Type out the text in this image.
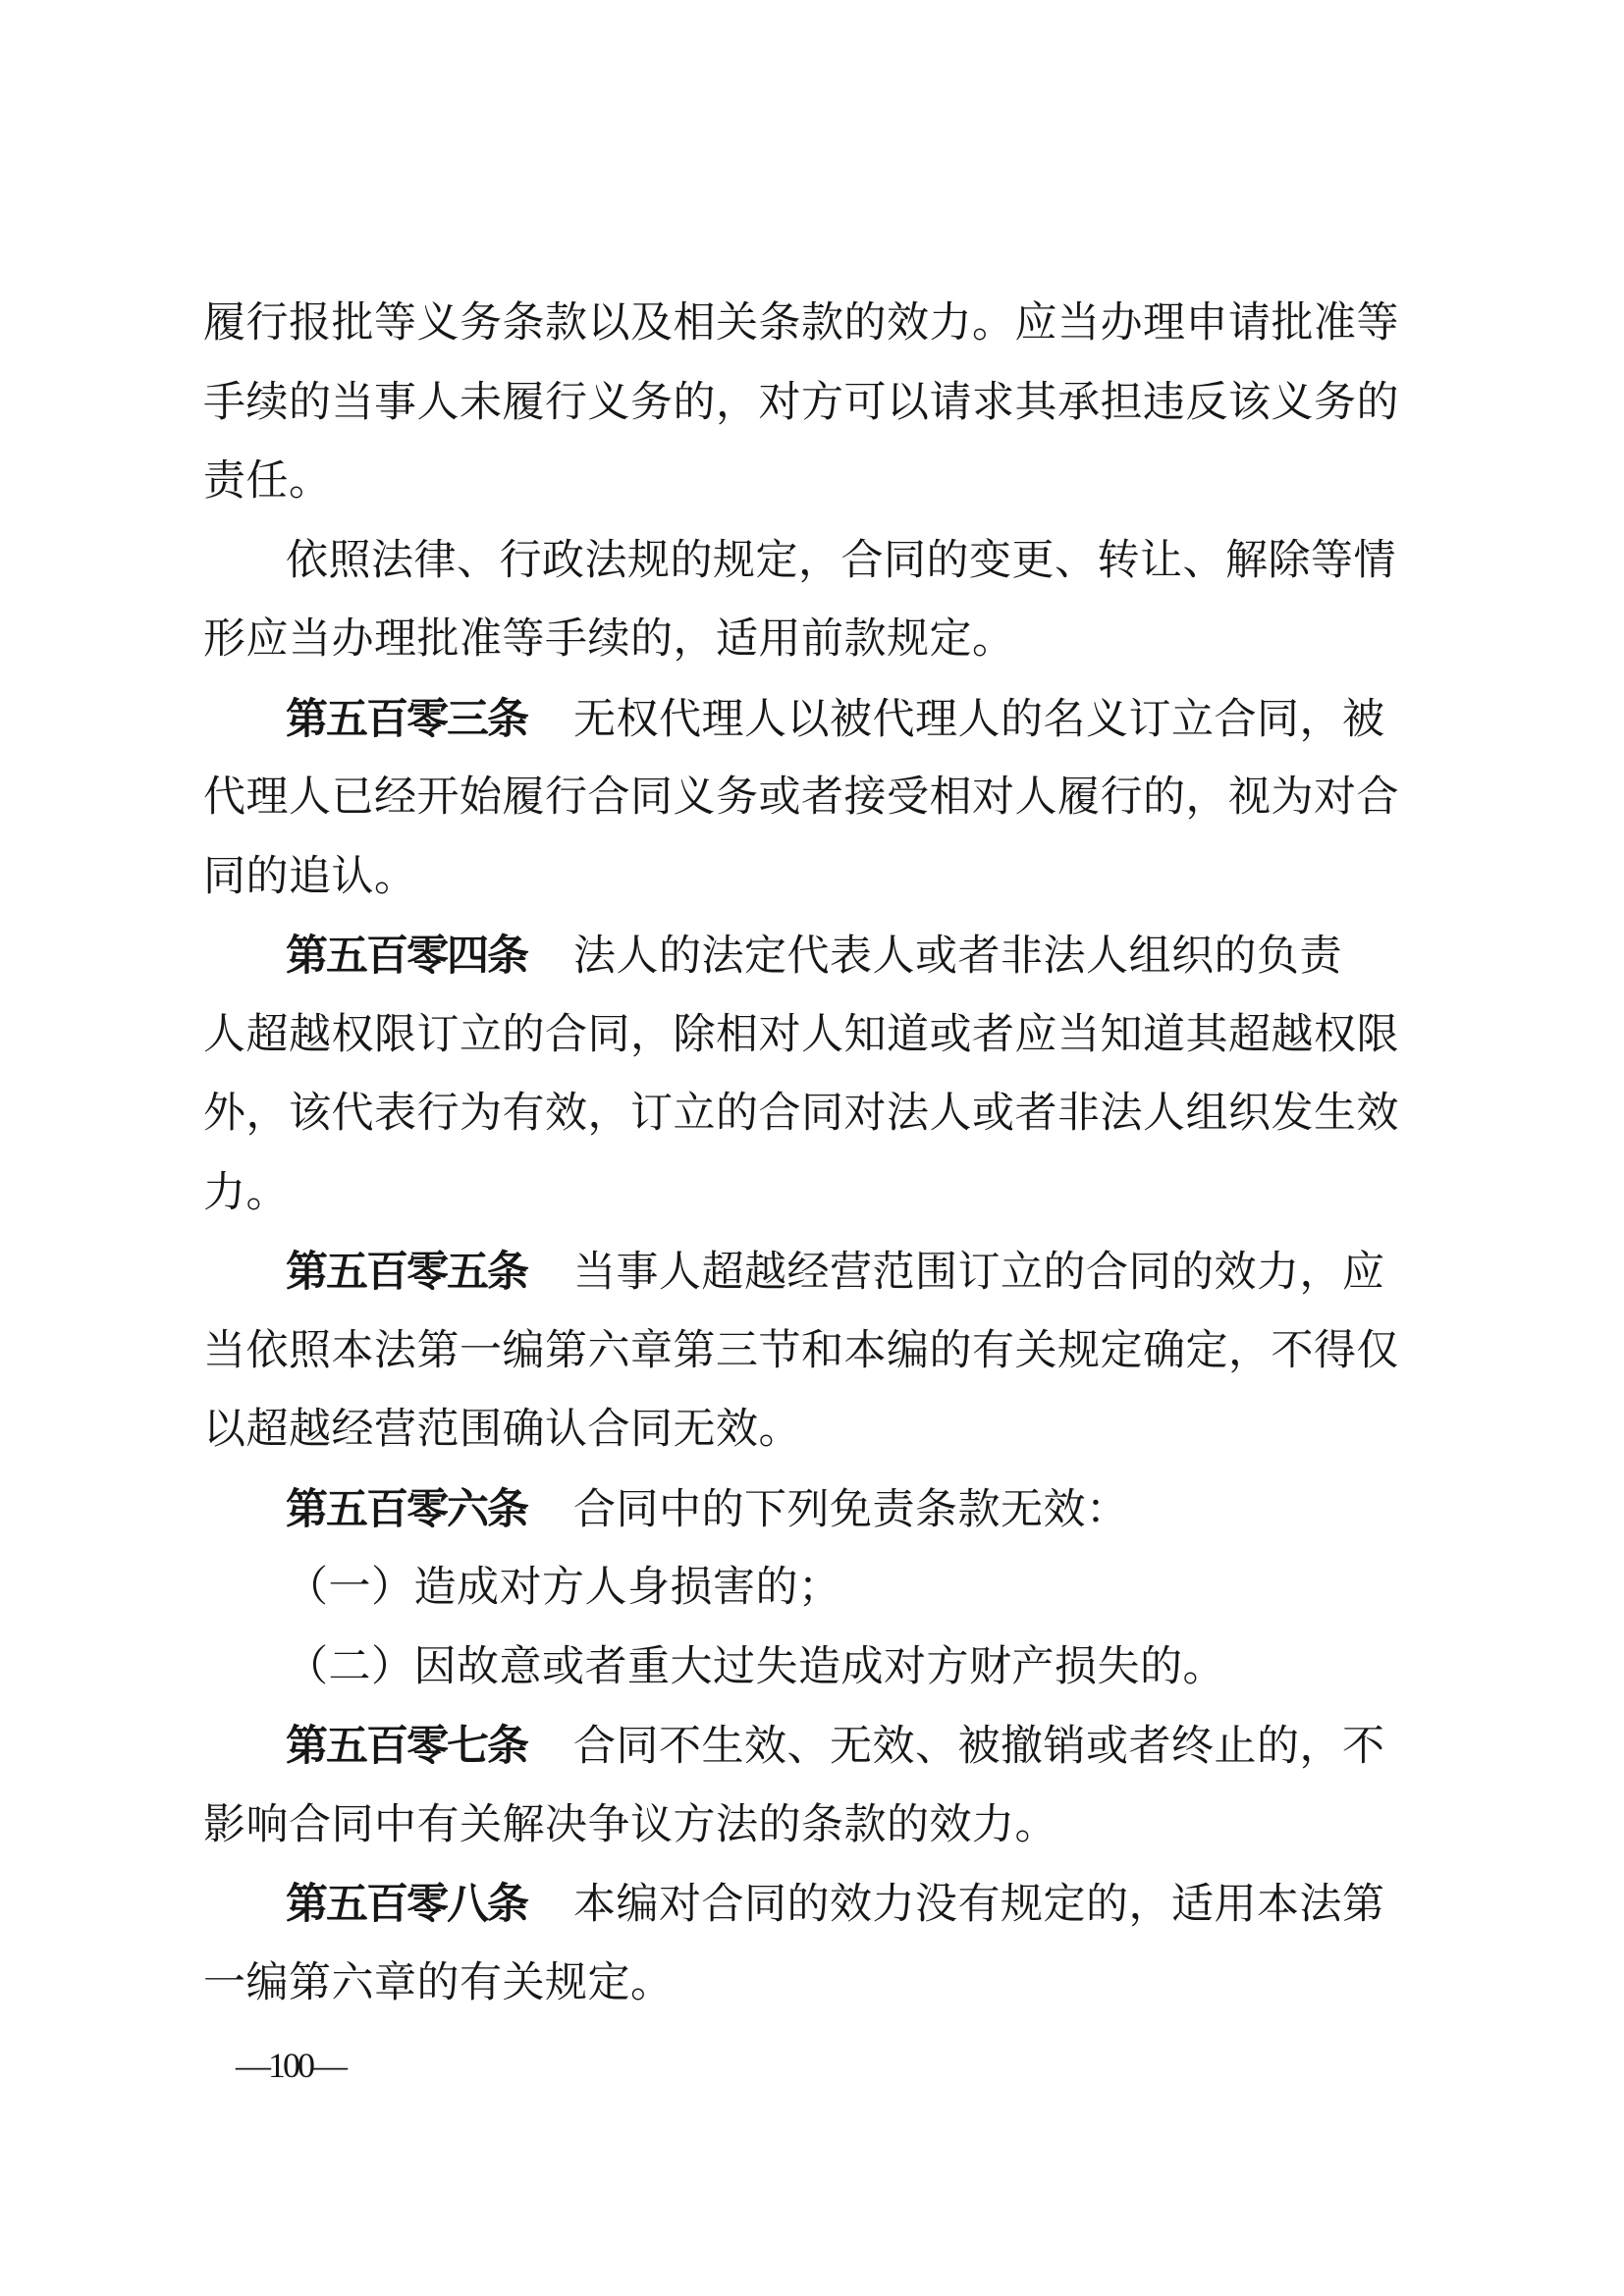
履行报批等义务条款以及相关条款的效力。应当办理申请批准等
手续的当事人未履行义务的，对方可以请求其承担违反该义务的
责任。
依照法律、行政法规的规定，合同的变更、转让、解除等情
形应当办理批准等手续的，适用前款规定。
第五百零三条 无权代理人以被代理人的名义订立合同，被
代理人已经开始履行合同义务或者接受相对人履行的，视为对合
同的追认。
第五百零四条 法人的法定代表人或者非法人组织的负责
人超越权限订立的合同，除相对人知道或者应当知道其超越权限
外，该代表行为有效，订立的合同对法人或者非法人组织发生效
力。
第五百零五条 当事人超越经营范围订立的合同的效力，应
当依照本法第一编第六章第三节和本编的有关规定确定，不得仅
以超越经营范围确认合同无效。
第五百零六条 合同中的下列免责条款无效：
（一）造成对方人身损害的；
（二）因故意或者重大过失造成对方财产损失的。
第五百零七条 合同不生效、无效、被撤销或者终止的，不
影响合同中有关解决争议方法的条款的效力。
第五百零八条 本编对合同的效力没有规定的，适用本法第
一编第六章的有关规定。
—100—
